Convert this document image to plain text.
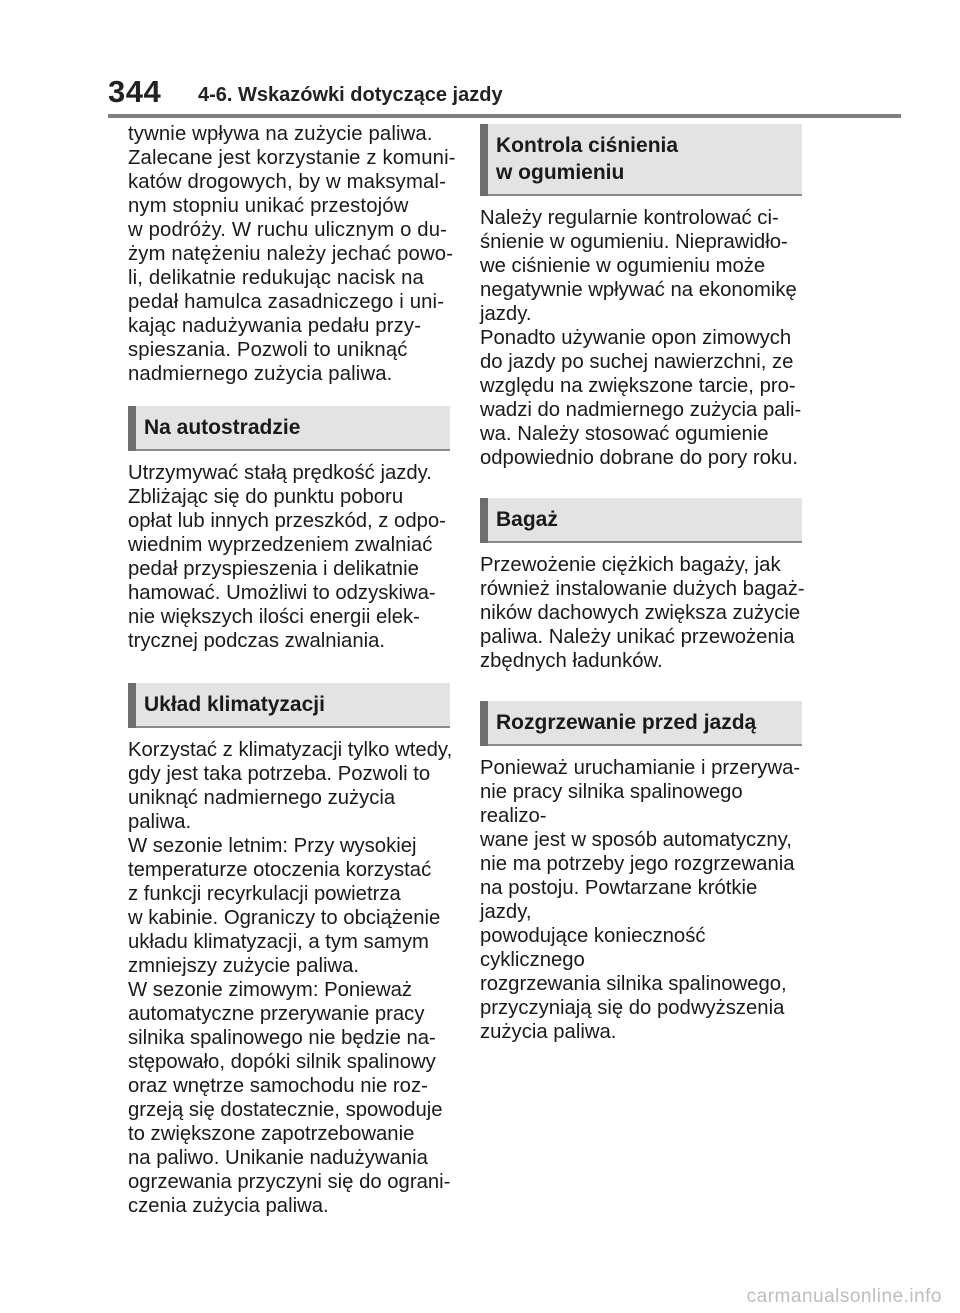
344 4-6. Wskazówki dotyczące jazdy

tywnie wpływa na zużycie paliwa.
Zalecane jest korzystanie z komuni-
katów drogowych, by w maksymal-
nym stopniu unikać przestojów
w podróży. W ruchu ulicznym o du-
żym natężeniu należy jechać powo-
li, delikatnie redukując nacisk na
pedał hamulca zasadniczego i uni-
kając nadużywania pedału przy-
spieszania. Pozwoli to uniknąć
nadmiernego zużycia paliwa.

Na autostradzie

Utrzymywać stałą prędkość jazdy.
Zbliżając się do punktu poboru
opłat lub innych przeszkód, z odpo-
wiednim wyprzedzeniem zwalniać
pedał przyspieszenia i delikatnie
hamować. Umożliwi to odzyskiwa-
nie większych ilości energii elek-
trycznej podczas zwalniania.

Układ klimatyzacji

Korzystać z klimatyzacji tylko wtedy,
gdy jest taka potrzeba. Pozwoli to
uniknąć nadmiernego zużycia paliwa.
W sezonie letnim: Przy wysokiej
temperaturze otoczenia korzystać
z funkcji recyrkulacji powietrza
w kabinie. Ograniczy to obciążenie
układu klimatyzacji, a tym samym
zmniejszy zużycie paliwa.
W sezonie zimowym: Ponieważ
automatyczne przerywanie pracy
silnika spalinowego nie będzie na-
stępowało, dopóki silnik spalinowy
oraz wnętrze samochodu nie roz-
grzeją się dostatecznie, spowoduje
to zwiększone zapotrzebowanie
na paliwo. Unikanie nadużywania
ogrzewania przyczyni się do ograni-
czenia zużycia paliwa.

Kontrola ciśnienia
w ogumieniu

Należy regularnie kontrolować ci-
śnienie w ogumieniu. Nieprawidło-
we ciśnienie w ogumieniu może
negatywnie wpływać na ekonomikę
jazdy.
Ponadto używanie opon zimowych
do jazdy po suchej nawierzchni, ze
względu na zwiększone tarcie, pro-
wadzi do nadmiernego zużycia pali-
wa. Należy stosować ogumienie
odpowiednio dobrane do pory roku.

Bagaż

Przewożenie ciężkich bagaży, jak
również instalowanie dużych bagaż-
ników dachowych zwiększa zużycie
paliwa. Należy unikać przewożenia
zbędnych ładunków.

Rozgrzewanie przed jazdą

Ponieważ uruchamianie i przerywa-
nie pracy silnika spalinowego realizo-
wane jest w sposób automatyczny,
nie ma potrzeby jego rozgrzewania
na postoju. Powtarzane krótkie jazdy,
powodujące konieczność cyklicznego
rozgrzewania silnika spalinowego,
przyczyniają się do podwyższenia
zużycia paliwa.

carmanualsonline.info
